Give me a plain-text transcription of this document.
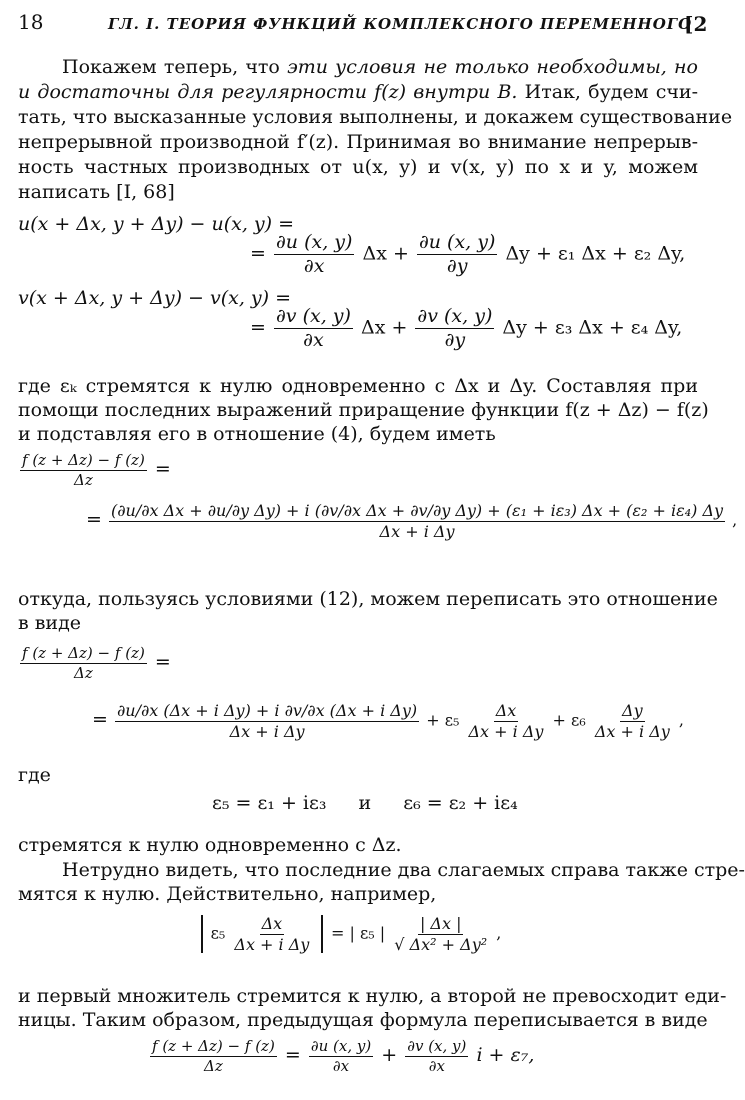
18	ГЛ. I. ТЕОРИЯ ФУНКЦИЙ КОМПЛЕКСНОГО ПЕРЕМЕННОГО
[2
Покажем теперь, что эти условия не только необходимы, но
и достаточны для регулярности f(z) внутри B. Итак, будем счи-
тать, что высказанные условия выполнены, и докажем существование
непрерывной производной f′(z). Принимая во внимание непрерыв-
ность частных производных от u(x, y) и v(x, y) по x и y, можем
написать [I, 68]
u(x + Δx, y + Δy) − u(x, y) =
= $\frac{\partial u (x, y)}{\partial x}$ $\Delta x + \frac{\partial u (x, y)}{\partial y}$ Δy + ε₁ Δx + ε₂ Δy,
v(x + Δx, y + Δy) − v(x, y) =
= $\frac{\partial v (x, y)}{\partial x}$ $\Delta x + \frac{\partial v (x, y)}{\partial y}$ Δy + ε₃ Δx + ε₄ Δy,
где εₖ стремятся к нулю одновременно с Δx и Δy. Составляя при
помощи последних выражений приращение функции f(z + Δz) − f(z)
и подставляя его в отношение (4), будем иметь
$\frac{f (z + \Delta z) - f (z)}{\Delta z}$ =
= (∂u/∂x Δx + ∂u/∂y Δy) + i (∂v/∂x Δx + ∂v/∂y Δy) + (ε₁ + iε₃) Δx + (ε₂ + iε₄) Δy
Δx + i Δy
,
откуда, пользуясь условиями (12), можем переписать это отношение
в виде
$\frac{f (z + \Delta z) - f (z)}{\Delta z}$ =
= $\frac{\text{∂u/∂x (Δx + i Δy) + i ∂v/∂x (Δx + i Δy)}}{\text{Δx + i Δy}} + \varepsilon_5 \frac{\Delta x}{\text{Δx + i Δy}} + \varepsilon_6 \frac{\Delta y}{\text{Δx + i Δy}}$ ,
где
ε₅ = ε₁ + iε₃ и ε₆ = ε₂ + iε₄
стремятся к нулю одновременно с Δz.
Нетрудно видеть, что последние два слагаемых справа также стре-
мятся к нулю. Действительно, например,
$\varepsilon_5 \frac{\Delta x}{\text{Δx + i Δy}}$ = | ε₅ | $\frac{| \Delta x |}{\text{√ Δx² + Δy²}}$ ,
и первый множитель стремится к нулю, а второй не превосходит еди-
ницы. Таким образом, предыдущая формула переписывается в виде
$\frac{f (z + \Delta z) - f (z)}{\Delta z} = \frac{\partial u (x, y)}{\partial x} + \frac{\partial v (x, y)}{\partial x}$ i + ε₇,
